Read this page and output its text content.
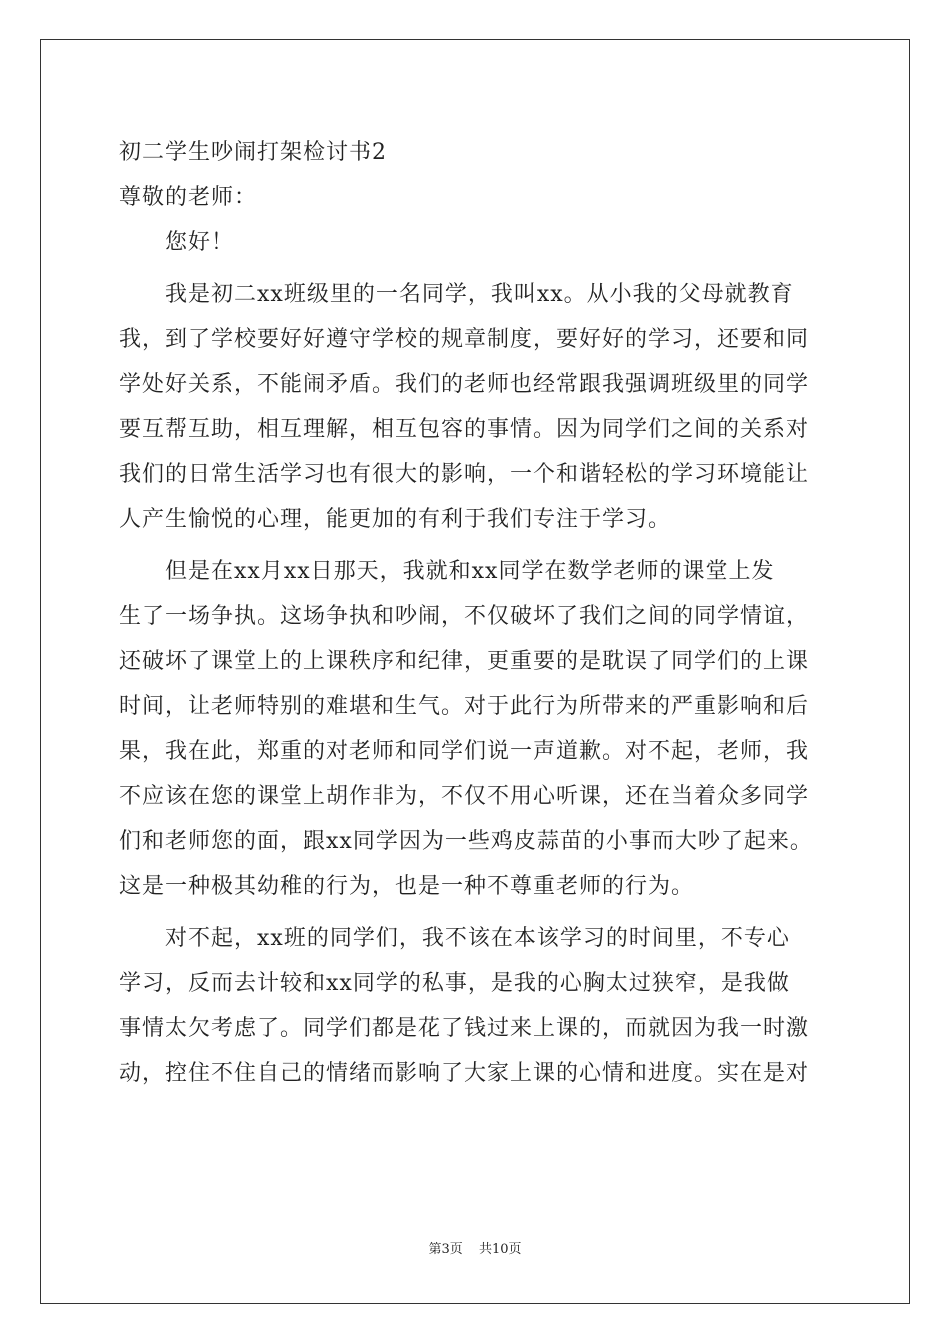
初二学生吵闹打架检讨书2
尊敬的老师：
您好！
我是初二xx班级里的一名同学，我叫xx。从小我的父母就教育
我，到了学校要好好遵守学校的规章制度，要好好的学习，还要和同
学处好关系，不能闹矛盾。我们的老师也经常跟我强调班级里的同学
要互帮互助，相互理解，相互包容的事情。因为同学们之间的关系对
我们的日常生活学习也有很大的影响，一个和谐轻松的学习环境能让
人产生愉悦的心理，能更加的有利于我们专注于学习。
但是在xx月xx日那天，我就和xx同学在数学老师的课堂上发
生了一场争执。这场争执和吵闹，不仅破坏了我们之间的同学情谊，
还破坏了课堂上的上课秩序和纪律，更重要的是耽误了同学们的上课
时间，让老师特别的难堪和生气。对于此行为所带来的严重影响和后
果，我在此，郑重的对老师和同学们说一声道歉。对不起，老师，我
不应该在您的课堂上胡作非为，不仅不用心听课，还在当着众多同学
们和老师您的面，跟xx同学因为一些鸡皮蒜苗的小事而大吵了起来。
这是一种极其幼稚的行为，也是一种不尊重老师的行为。
对不起，xx班的同学们，我不该在本该学习的时间里，不专心
学习，反而去计较和xx同学的私事，是我的心胸太过狭窄，是我做
事情太欠考虑了。同学们都是花了钱过来上课的，而就因为我一时激
动，控住不住自己的情绪而影响了大家上课的心情和进度。实在是对
第3页 共10页
